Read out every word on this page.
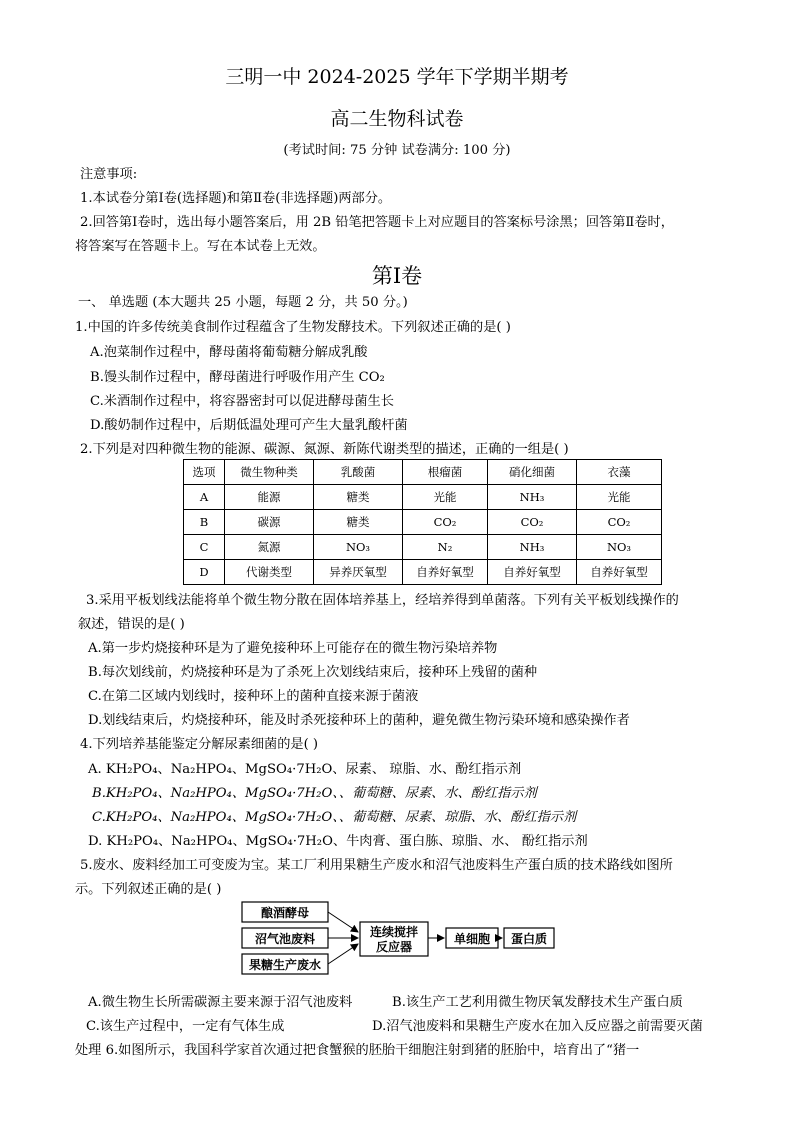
三明一中 2024-2025 学年下学期半期考
高二生物科试卷
(考试时间: 75 分钟 试卷满分: 100 分)
注意事项:
1.本试卷分第Ⅰ卷(选择题)和第Ⅱ卷(非选择题)两部分。
2.回答第Ⅰ卷时，选出每小题答案后，用 2B 铅笔把答题卡上对应题目的答案标号涂黑；回答第Ⅱ卷时，
将答案写在答题卡上。写在本试卷上无效。
第Ⅰ卷
一、 单选题 (本大题共 25 小题，每题 2 分，共 50 分。)
1.中国的许多传统美食制作过程蕴含了生物发酵技术。下列叙述正确的是( )
A.泡菜制作过程中，酵母菌将葡萄糖分解成乳酸
B.馒头制作过程中，酵母菌进行呼吸作用产生 CO₂
C.米酒制作过程中，将容器密封可以促进酵母菌生长
D.酸奶制作过程中，后期低温处理可产生大量乳酸杆菌
2.下列是对四种微生物的能源、碳源、氮源、新陈代谢类型的描述，正确的一组是( )
选项	微生物种类	乳酸菌	根瘤菌	硝化细菌	衣藻
A	能源	糖类	光能	NH₃	光能
B	碳源	糖类	CO₂	CO₂	CO₂
C	氮源	NO₃	N₂	NH₃	NO₃
D	代谢类型	异养厌氧型	自养好氧型	自养好氧型	自养好氧型
3.采用平板划线法能将单个微生物分散在固体培养基上，经培养得到单菌落。下列有关平板划线操作的
叙述，错误的是( )
A.第一步灼烧接种环是为了避免接种环上可能存在的微生物污染培养物
B.每次划线前，灼烧接种环是为了杀死上次划线结束后，接种环上残留的菌种
C.在第二区域内划线时，接种环上的菌种直接来源于菌液
D.划线结束后，灼烧接种环，能及时杀死接种环上的菌种，避免微生物污染环境和感染操作者
4.下列培养基能鉴定分解尿素细菌的是( )
A. KH₂PO₄、Na₂HPO₄、MgSO₄·7H₂O、尿素、 琼脂、水、酚红指示剂
B.KH₂PO₄、Na₂HPO₄、MgSO₄·7H₂O、、葡萄糖、尿素、水、酚红指示剂
C.KH₂PO₄、Na₂HPO₄、MgSO₄·7H₂O、、葡萄糖、尿素、琼脂、水、酚红指示剂
D. KH₂PO₄、Na₂HPO₄、MgSO₄·7H₂O、牛肉膏、蛋白胨、琼脂、水、 酚红指示剂
5.废水、废料经加工可变废为宝。某工厂利用果糖生产废水和沼气池废料生产蛋白质的技术路线如图所
示。下列叙述正确的是( )
酿酒酵母
沼气池废料
果糖生产废水
连续搅拌
反应器
单细胞 蛋白质
A.微生物生长所需碳源主要来源于沼气池废料	B.该生产工艺利用微生物厌氧发酵技术生产蛋白质
C.该生产过程中，一定有气体生成	D.沼气池废料和果糖生产废水在加入反应器之前需要灭菌
处理 6.如图所示，我国科学家首次通过把食蟹猴的胚胎干细胞注射到猪的胚胎中，培育出了“猪一
